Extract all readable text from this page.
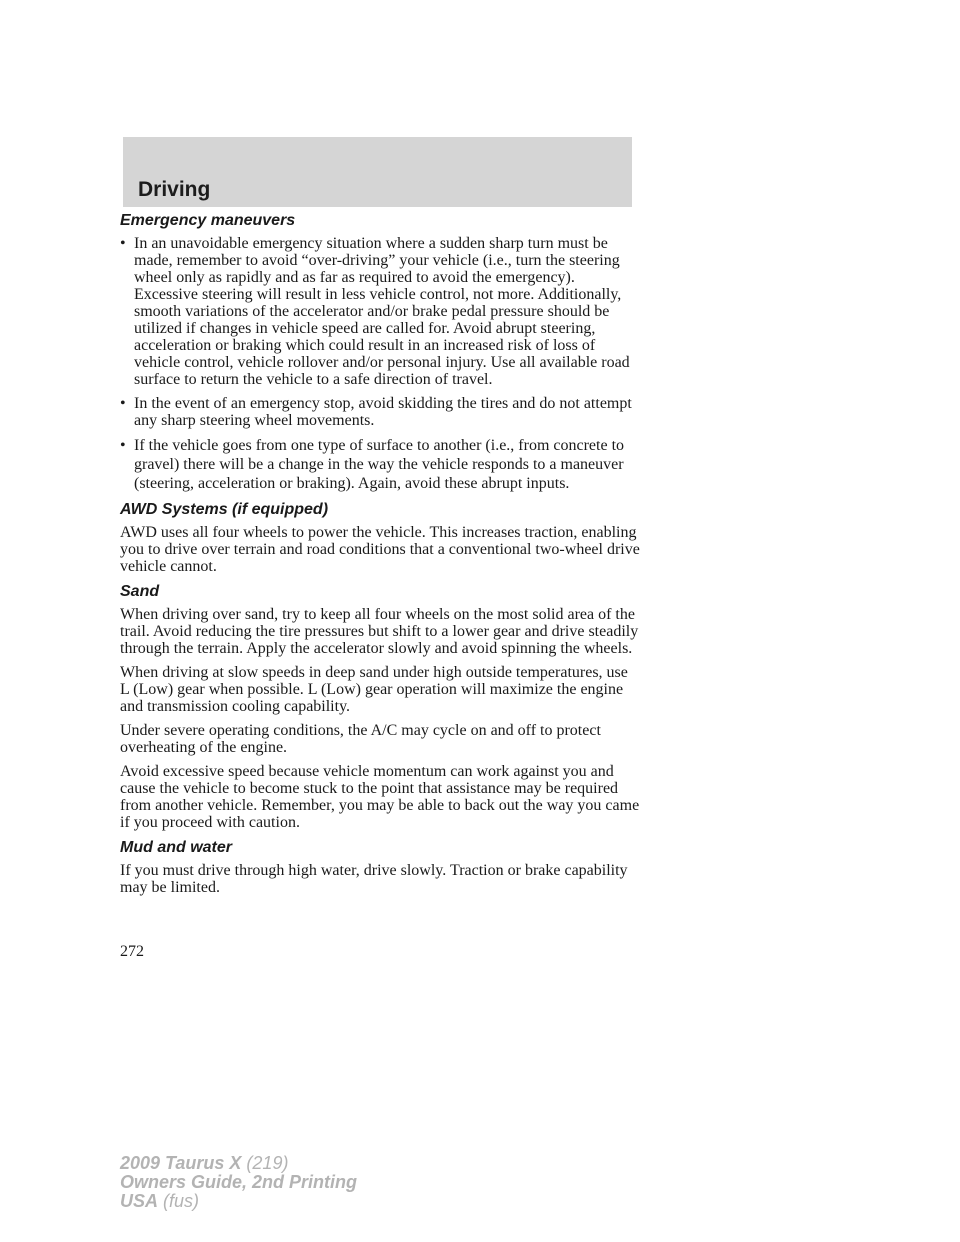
Driving
Emergency maneuvers
• In an unavoidable emergency situation where a sudden sharp turn must be made, remember to avoid “over-driving” your vehicle (i.e., turn the steering wheel only as rapidly and as far as required to avoid the emergency). Excessive steering will result in less vehicle control, not more. Additionally, smooth variations of the accelerator and/or brake pedal pressure should be utilized if changes in vehicle speed are called for. Avoid abrupt steering, acceleration or braking which could result in an increased risk of loss of vehicle control, vehicle rollover and/or personal injury. Use all available road surface to return the vehicle to a safe direction of travel.
• In the event of an emergency stop, avoid skidding the tires and do not attempt any sharp steering wheel movements.
• If the vehicle goes from one type of surface to another (i.e., from concrete to gravel) there will be a change in the way the vehicle responds to a maneuver (steering, acceleration or braking). Again, avoid these abrupt inputs.
AWD Systems (if equipped)

AWD uses all four wheels to power the vehicle. This increases traction, enabling you to drive over terrain and road conditions that a conventional two-wheel drive vehicle cannot.

Sand

When driving over sand, try to keep all four wheels on the most solid area of the trail. Avoid reducing the tire pressures but shift to a lower gear and drive steadily through the terrain. Apply the accelerator slowly and avoid spinning the wheels.

When driving at slow speeds in deep sand under high outside temperatures, use L (Low) gear when possible. L (Low) gear operation will maximize the engine and transmission cooling capability.

Under severe operating conditions, the A/C may cycle on and off to protect overheating of the engine.

Avoid excessive speed because vehicle momentum can work against you and cause the vehicle to become stuck to the point that assistance may be required from another vehicle. Remember, you may be able to back out the way you came if you proceed with caution.

Mud and water

If you must drive through high water, drive slowly. Traction or brake capability may be limited.

272
2009 Taurus X (219)
Owners Guide, 2nd Printing
USA (fus)
